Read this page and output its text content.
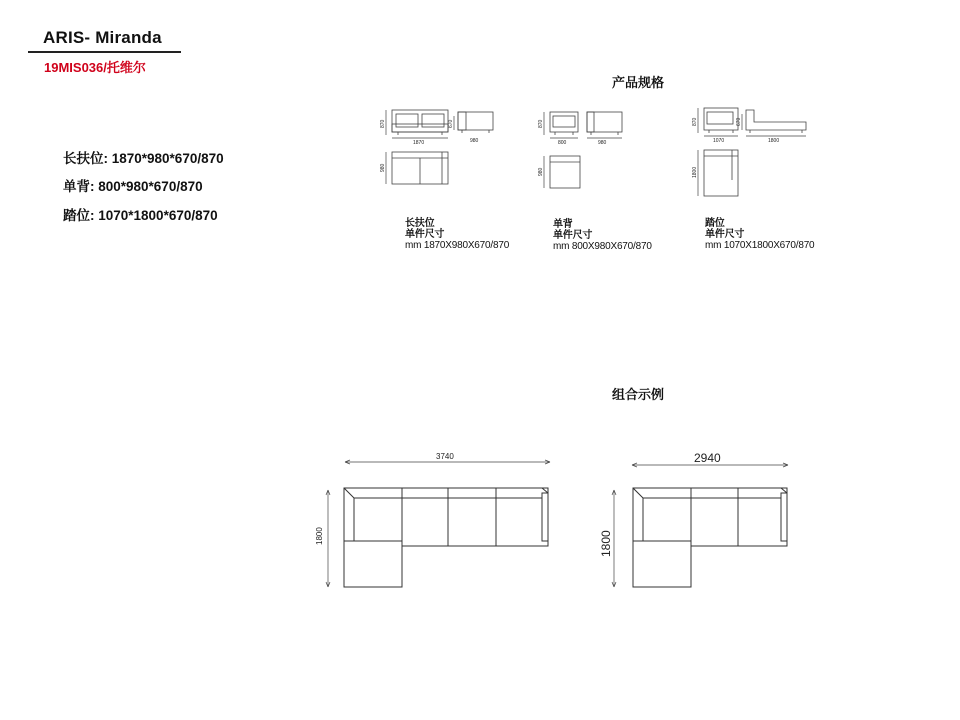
ARIS- Miranda
19MIS036/托维尔
长扶位: 1870*980*670/870
单背: 800*980*670/870
踏位: 1070*1800*670/870
产品规格
组合示例
870
1870
670
980
980
870
800	980
980
870
1070
670
1800
1800
长扶位
单件尺寸
mm 1870X980X670/870
单背
单件尺寸
mm 800X980X670/870
踏位
单件尺寸
mm 1070X1800X670/870
3740
1800
2940
1800
